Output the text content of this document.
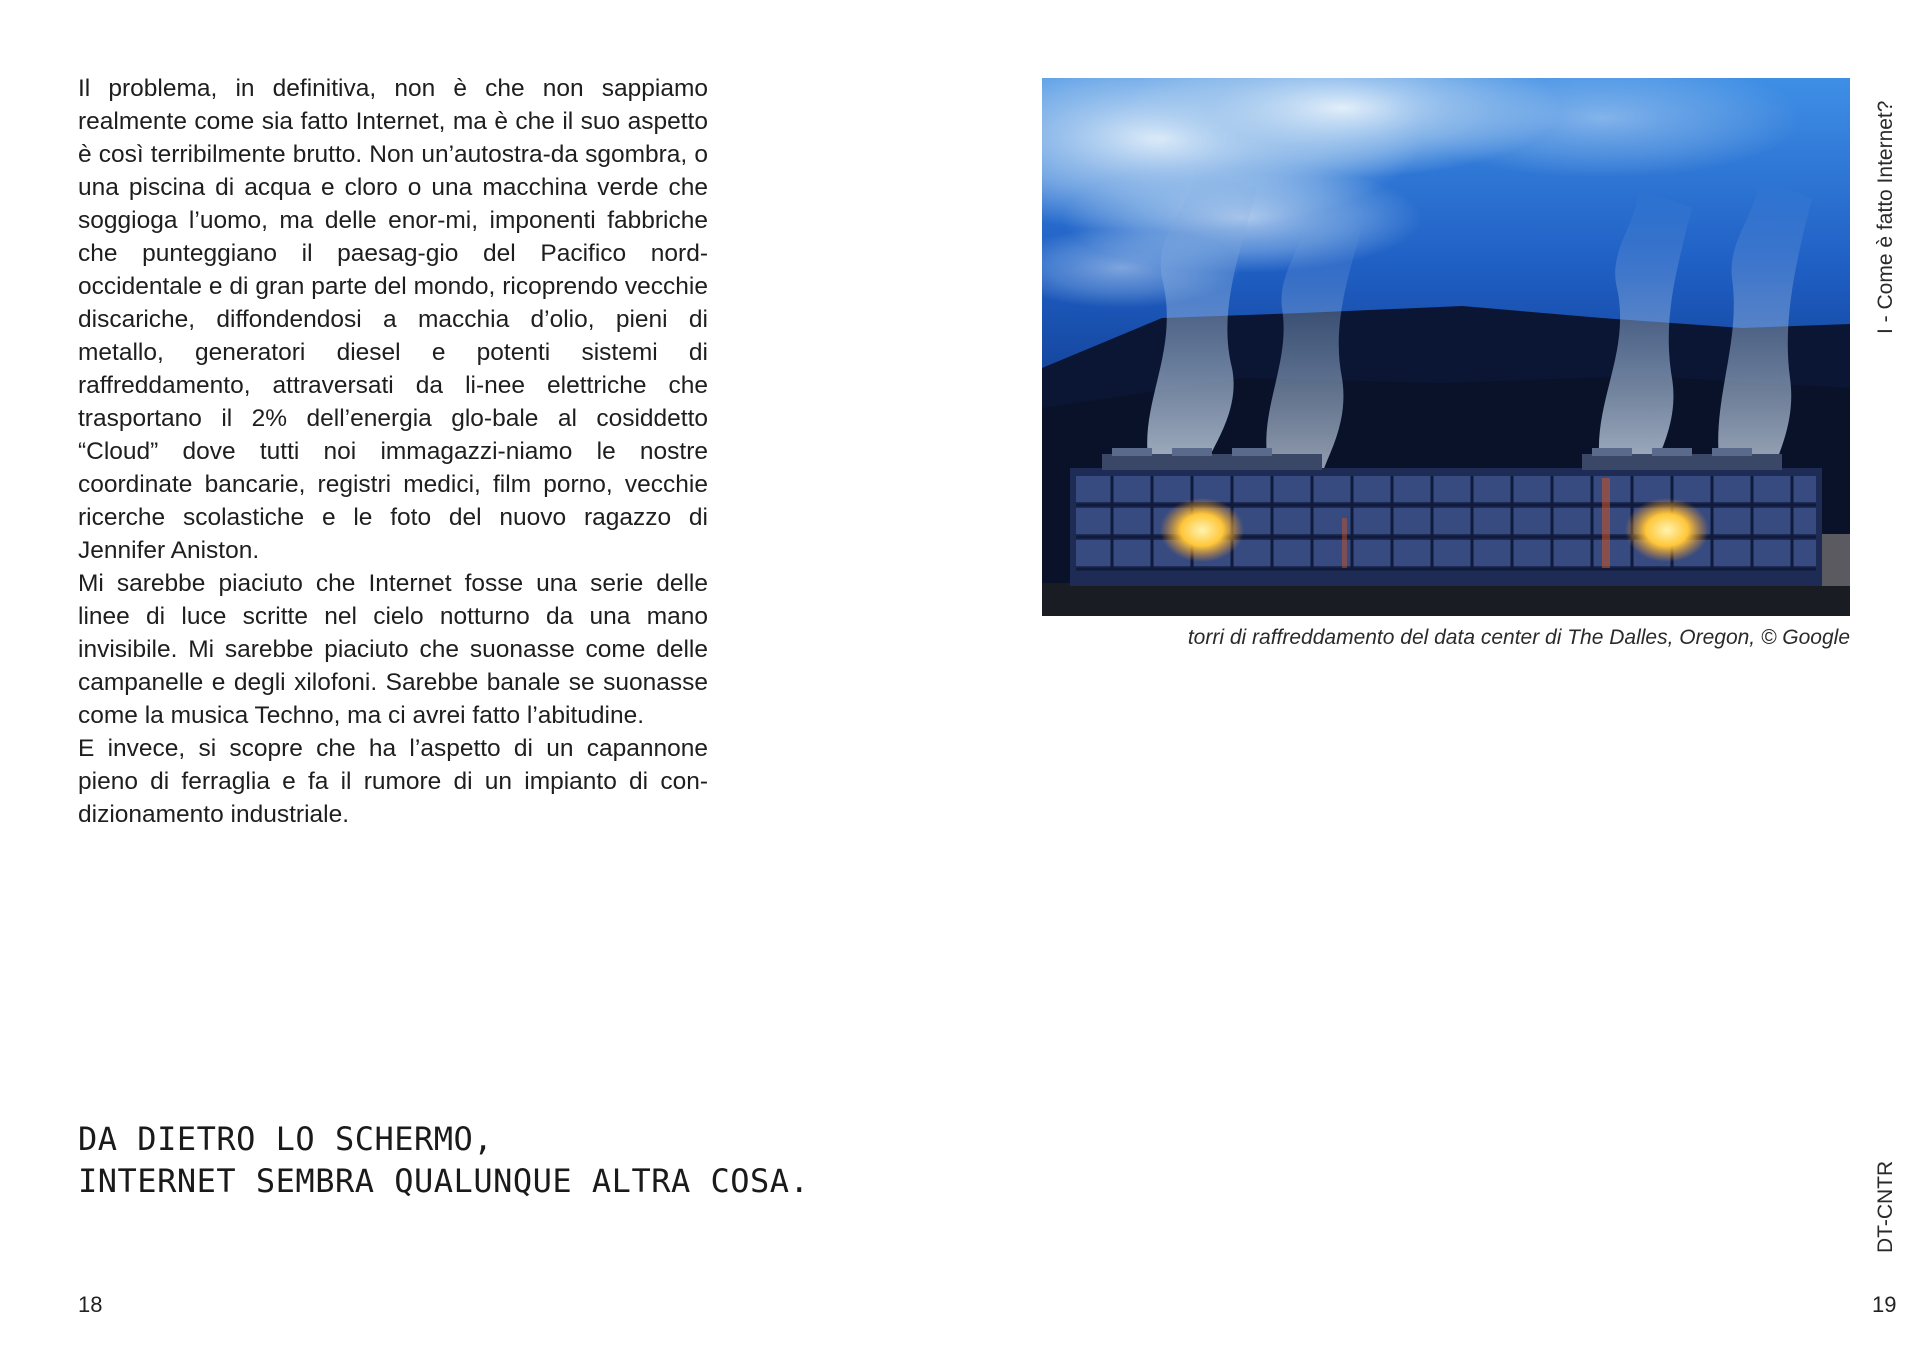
Il problema, in definitiva, non è che non sappiamo realmente come sia fatto Internet, ma è che il suo aspetto è così terribilmente brutto. Non un’autostra-da sgombra, o una piscina di acqua e cloro o una macchina verde che soggioga l’uomo, ma delle enor-mi, imponenti fabbriche che punteggiano il paesag-gio del Pacifico nord-occidentale e di gran parte del mondo, ricoprendo vecchie discariche, diffondendosi a macchia d’olio, pieni di metallo, generatori diesel e potenti sistemi di raffreddamento, attraversati da li-nee elettriche che trasportano il 2% dell’energia glo-bale al cosiddetto “Cloud” dove tutti noi immagazzi-niamo le nostre coordinate bancarie, registri medici, film porno, vecchie ricerche scolastiche e le foto del nuovo ragazzo di Jennifer Aniston.

Mi sarebbe piaciuto che Internet fosse una serie delle linee di luce scritte nel cielo notturno da una mano invisibile. Mi sarebbe piaciuto che suonasse come delle campanelle e degli xilofoni. Sarebbe banale se suonasse come la musica Techno, ma ci avrei fatto l’abitudine.

E invece, si scopre che ha l’aspetto di un capannone pieno di ferraglia e fa il rumore di un impianto di con-dizionamento industriale.

DA DIETRO LO SCHERMO,
INTERNET SEMBRA QUALUNQUE ALTRA COSA.
18	19
torri di raffreddamento del data center di The Dalles, Oregon, © Google
I - Come è fatto Internet?
DT-CNTR
